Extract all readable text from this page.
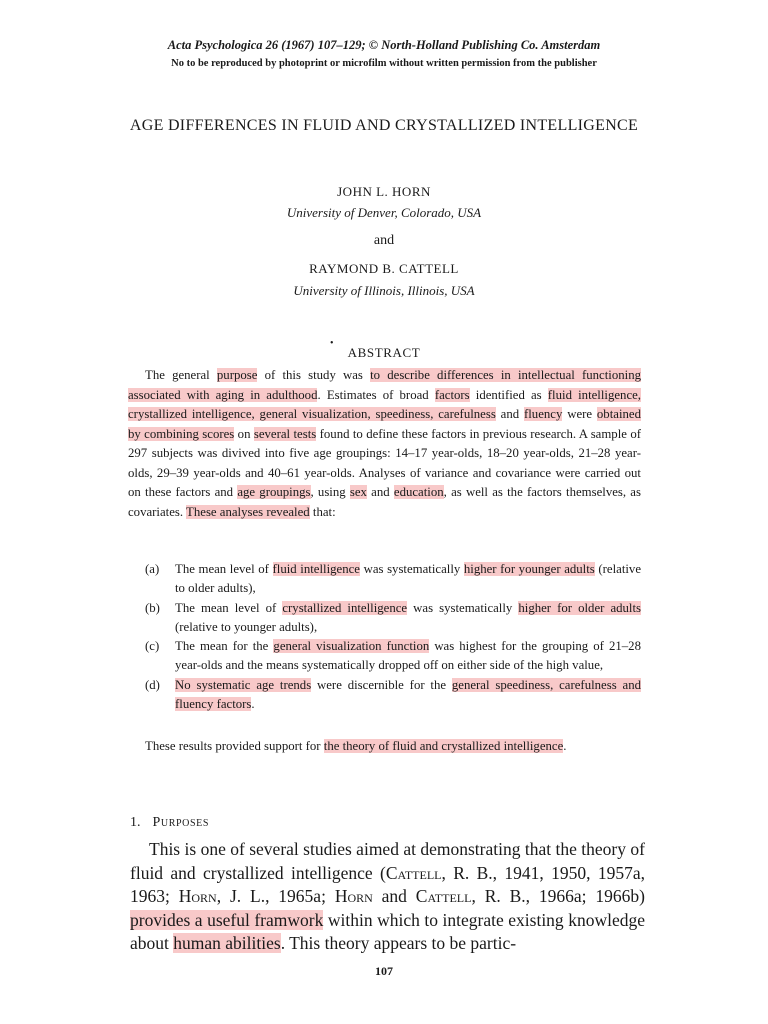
Acta Psychologica 26 (1967) 107–129; © North-Holland Publishing Co. Amsterdam
No to be reproduced by photoprint or microfilm without written permission from the publisher
AGE DIFFERENCES IN FLUID AND CRYSTALLIZED INTELLIGENCE
JOHN L. HORN
University of Denver, Colorado, USA
and
RAYMOND B. CATTELL
University of Illinois, Illinois, USA
•
ABSTRACT

The general purpose of this study was to describe differences in intellectual functioning associated with aging in adulthood. Estimates of broad factors identified as fluid intelligence, crystallized intelligence, general visualization, speediness, carefulness and fluency were obtained by combining scores on several tests found to define these factors in previous research. A sample of 297 subjects was divived into five age groupings: 14–17 year-olds, 18–20 year-olds, 21–28 year-olds, 29–39 year-olds and 40–61 year-olds. Analyses of variance and covariance were carried out on these factors and age groupings, using sex and education, as well as the factors themselves, as covariates. These analyses revealed that:

(a)	The mean level of fluid intelligence was systematically higher for younger adults (relative to older adults),
(b)	The mean level of crystallized intelligence was systematically higher for older adults (relative to younger adults),
(c)	The mean for the general visualization function was highest for the grouping of 21–28 year-olds and the means systematically dropped off on either side of the high value,
(d)	No systematic age trends were discernible for the general speediness, carefulness and fluency factors.

These results provided support for the theory of fluid and crystallized intelligence.

1. Purposes

This is one of several studies aimed at demonstrating that the theory of fluid and crystallized intelligence (Cattell, R. B., 1941, 1950, 1957a, 1963; Horn, J. L., 1965a; Horn and Cattell, R. B., 1966a; 1966b) provides a useful framwork within which to integrate existing knowledge about human abilities. This theory appears to be partic-

107
